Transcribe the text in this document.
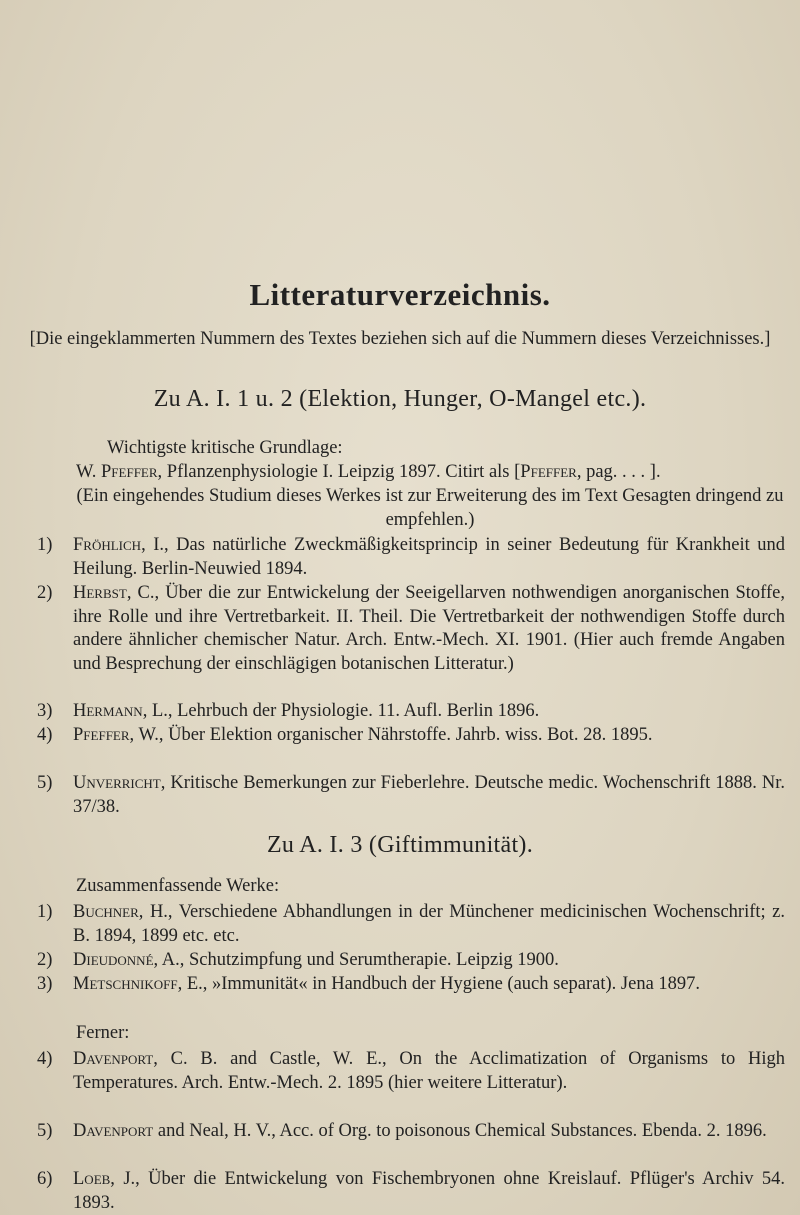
Litteraturverzeichnis.
[Die eingeklammerten Nummern des Textes beziehen sich auf die Nummern dieses Verzeichnisses.]
Zu A. I. 1 u. 2 (Elektion, Hunger, O-Mangel etc.).
Wichtigste kritische Grundlage:
W. Pfeffer, Pflanzenphysiologie I. Leipzig 1897. Citirt als [Pfeffer, pag. . . . ].
(Ein eingehendes Studium dieses Werkes ist zur Erweiterung des im Text Gesagten dringend zu empfehlen.)
1) Fröhlich, I., Das natürliche Zweckmäßigkeitsprincip in seiner Bedeutung für Krankheit und Heilung. Berlin-Neuwied 1894.
2) Herbst, C., Über die zur Entwickelung der Seeigellarven nothwendigen anorganischen Stoffe, ihre Rolle und ihre Vertretbarkeit. II. Theil. Die Vertretbarkeit der nothwendigen Stoffe durch andere ähnlicher chemischer Natur. Arch. Entw.-Mech. XI. 1901. (Hier auch fremde Angaben und Besprechung der einschlägigen botanischen Litteratur.)
3) Hermann, L., Lehrbuch der Physiologie. 11. Aufl. Berlin 1896.
4) Pfeffer, W., Über Elektion organischer Nährstoffe. Jahrb. wiss. Bot. 28. 1895.
5) Unverricht, Kritische Bemerkungen zur Fieberlehre. Deutsche medic. Wochenschrift 1888. Nr. 37/38.
Zu A. I. 3 (Giftimmunität).
Zusammenfassende Werke:
1) Buchner, H., Verschiedene Abhandlungen in der Münchener medicinischen Wochenschrift; z. B. 1894, 1899 etc. etc.
2) Dieudonné, A., Schutzimpfung und Serumtherapie. Leipzig 1900.
3) Metschnikoff, E., »Immunität« in Handbuch der Hygiene (auch separat). Jena 1897.
Ferner:
4) Davenport, C. B. and Castle, W. E., On the Acclimatization of Organisms to High Temperatures. Arch. Entw.-Mech. 2. 1895 (hier weitere Litteratur).
5) Davenport and Neal, H. V., Acc. of Org. to poisonous Chemical Substances. Ebenda. 2. 1896.
6) Loeb, J., Über die Entwickelung von Fischembryonen ohne Kreislauf. Pflüger's Archiv 54. 1893.
